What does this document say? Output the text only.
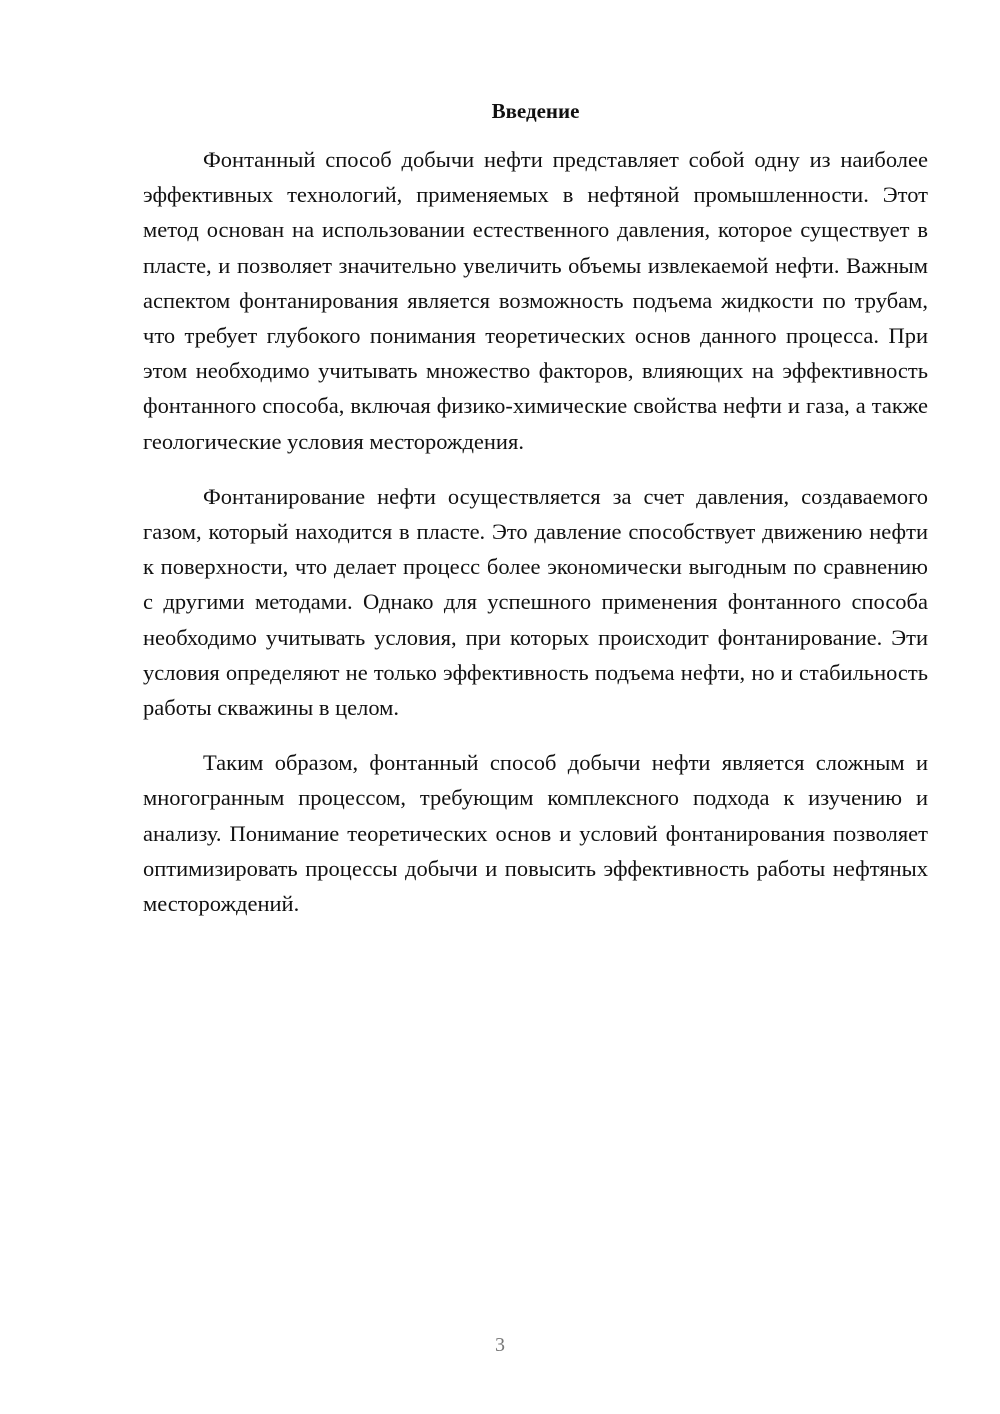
Введение

Фонтанный способ добычи нефти представляет собой одну из наиболее эффективных технологий, применяемых в нефтяной промышленности. Этот метод основан на использовании естественного давления, которое существует в пласте, и позволяет значительно увеличить объемы извлекаемой нефти. Важным аспектом фонтанирования является возможность подъема жидкости по трубам, что требует глубокого понимания теоретических основ данного процесса. При этом необходимо учитывать множество факторов, влияющих на эффективность фонтанного способа, включая физико-химические свойства нефти и газа, а также геологические условия месторождения.

Фонтанирование нефти осуществляется за счет давления, создаваемого газом, который находится в пласте. Это давление способствует движению нефти к поверхности, что делает процесс более экономически выгодным по сравнению с другими методами. Однако для успешного применения фонтанного способа необходимо учитывать условия, при которых происходит фонтанирование. Эти условия определяют не только эффективность подъема нефти, но и стабильность работы скважины в целом.

Таким образом, фонтанный способ добычи нефти является сложным и многогранным процессом, требующим комплексного подхода к изучению и анализу. Понимание теоретических основ и условий фонтанирования позволяет оптимизировать процессы добычи и повысить эффективность работы нефтяных месторождений.

3
